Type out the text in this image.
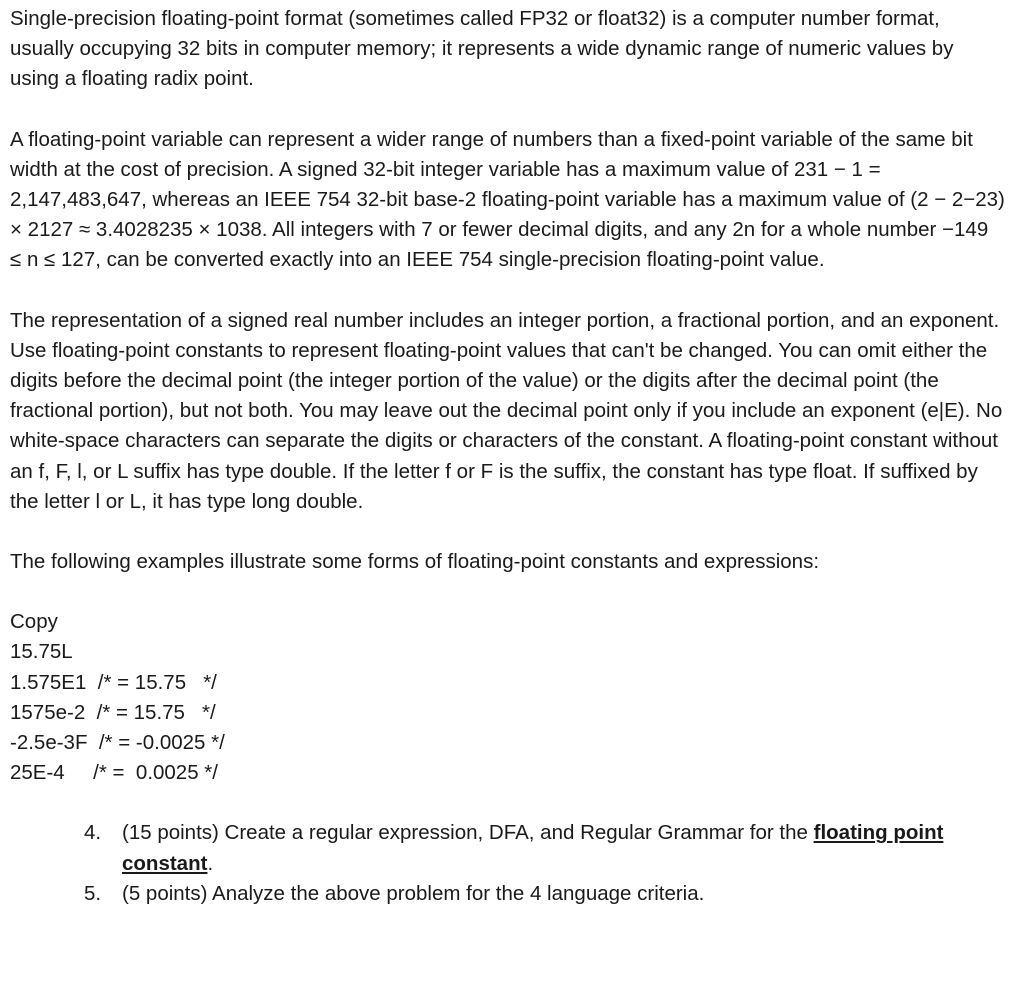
Single-precision floating-point format (sometimes called FP32 or float32) is a computer number format, usually occupying 32 bits in computer memory; it represents a wide dynamic range of numeric values by using a floating radix point.

A floating-point variable can represent a wider range of numbers than a fixed-point variable of the same bit width at the cost of precision. A signed 32-bit integer variable has a maximum value of 231 − 1 = 2,147,483,647, whereas an IEEE 754 32-bit base-2 floating-point variable has a maximum value of (2 − 2−23) × 2127 ≈ 3.4028235 × 1038. All integers with 7 or fewer decimal digits, and any 2n for a whole number −149 ≤ n ≤ 127, can be converted exactly into an IEEE 754 single-precision floating-point value.

The representation of a signed real number includes an integer portion, a fractional portion, and an exponent. Use floating-point constants to represent floating-point values that can't be changed. You can omit either the digits before the decimal point (the integer portion of the value) or the digits after the decimal point (the fractional portion), but not both. You may leave out the decimal point only if you include an exponent (e|E). No white-space characters can separate the digits or characters of the constant. A floating-point constant without an f, F, l, or L suffix has type double. If the letter f or F is the suffix, the constant has type float. If suffixed by the letter l or L, it has type long double.

The following examples illustrate some forms of floating-point constants and expressions:

Copy
15.75L
1.575E1  /* = 15.75   */
1575e-2  /* = 15.75   */
-2.5e-3F  /* = -0.0025 */
25E-4     /* =  0.0025 */
4. (15 points) Create a regular expression, DFA, and Regular Grammar for the floating point constant.
5. (5 points) Analyze the above problem for the 4 language criteria.
